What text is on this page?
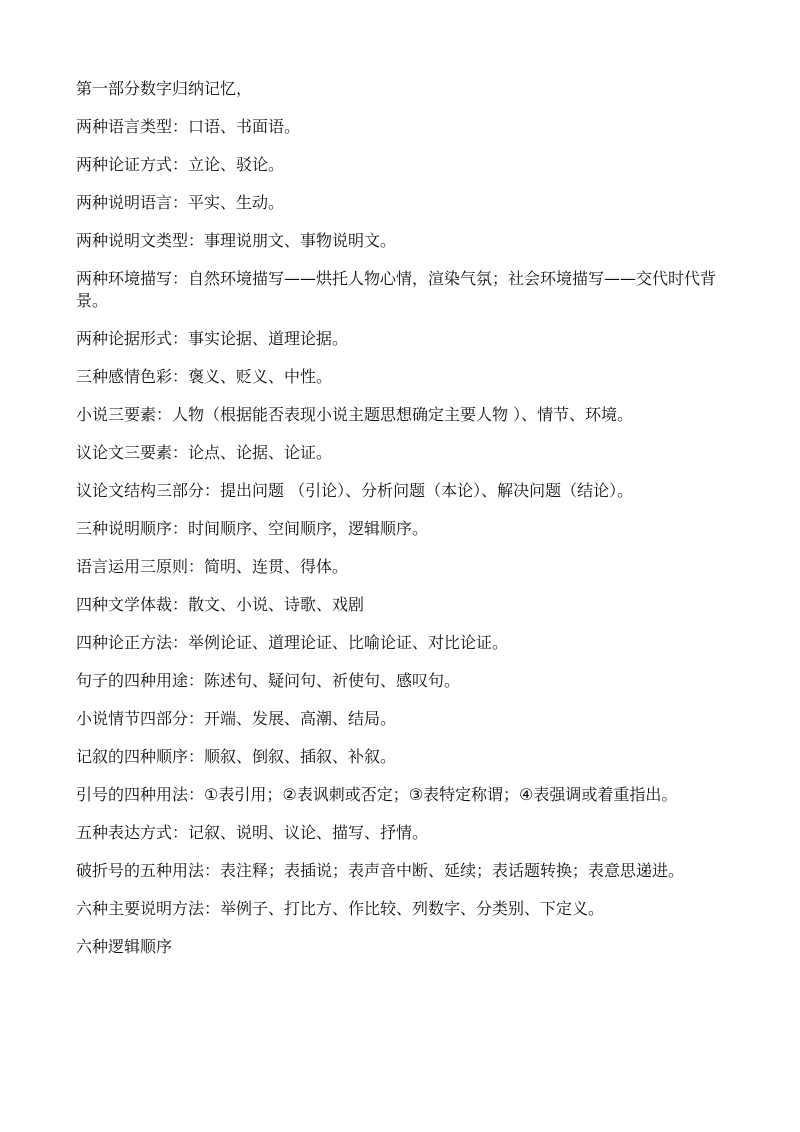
第一部分数字归纳记忆，

两种语言类型：口语、书面语。

两种论证方式：立论、驳论。

两种说明语言：平实、生动。

两种说明文类型：事理说朋文、事物说明文。

两种环境描写：自然环境描写——烘托人物心情，渲染气氛；社会环境描写——交代时代背景。

两种论据形式：事实论据、道理论据。

三种感情色彩：褒义、贬义、中性。

小说三要素：人物（根据能否表现小说主题思想确定主要人物 ）、情节、环境。

议论文三要素：论点、论据、论证。

议论文结构三部分：提出问题 （引论）、分析问题（本论）、解决问题（结论）。

三种说明顺序：时间顺序、空间顺序，逻辑顺序。

语言运用三原则：简明、连贯、得体。

四种文学体裁：散文、小说、诗歌、戏剧

四种论正方法：举例论证、道理论证、比喻论证、对比论证。

句子的四种用途：陈述句、疑问句、祈使句、感叹句。

小说情节四部分：开端、发展、高潮、结局。

记叙的四种顺序：顺叙、倒叙、插叙、补叙。

引号的四种用法：①表引用；②表讽刺或否定；③表特定称谓；④表强调或着重指出。

五种表达方式：记叙、说明、议论、描写、抒情。

破折号的五种用法：表注释；表插说；表声音中断、延续；表话题转换；表意思递进。

六种主要说明方法：举例子、打比方、作比较、列数字、分类别、下定义。

六种逻辑顺序
